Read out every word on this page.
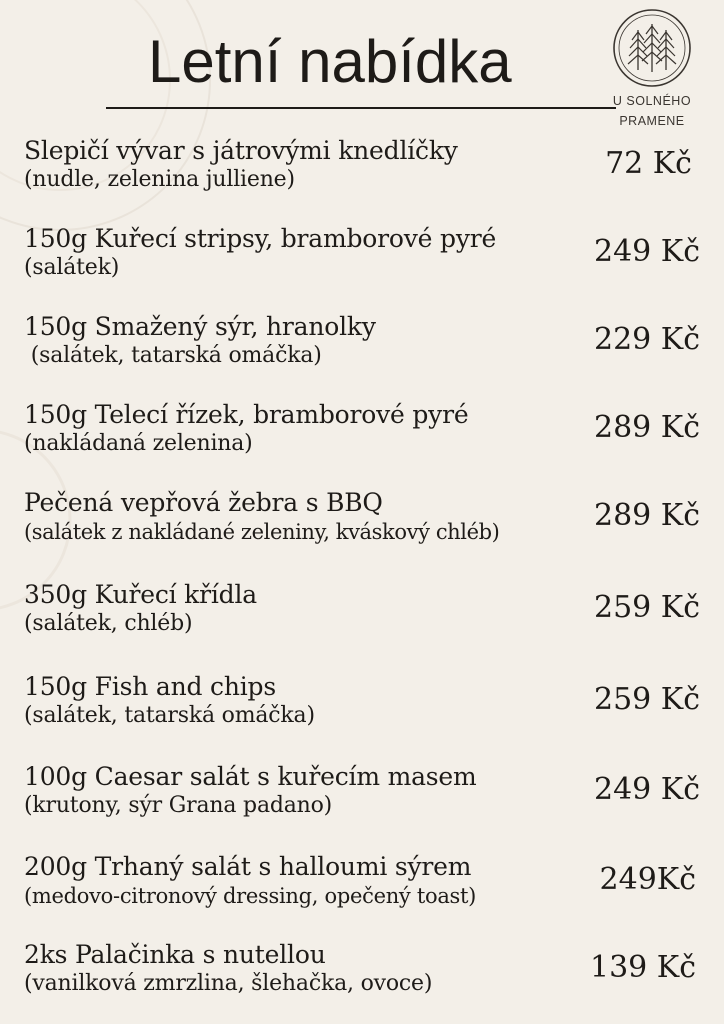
Letní nabídka
U SOLNÉHO
PRAMENE
Slepičí vývar s játrovými knedlíčky
(nudle, zelenina julliene)	72 Kč
150g Kuřecí stripsy, bramborové pyré
(salátek)	249 Kč
150g Smažený sýr, hranolky
(salátek, tatarská omáčka)	229 Kč
150g Telecí řízek, bramborové pyré
(nakládaná zelenina)	289 Kč
Pečená vepřová žebra s BBQ
(salátek z nakládané zeleniny, kváskový chléb)	289 Kč
350g Kuřecí křídla
(salátek, chléb)	259 Kč
150g Fish and chips
(salátek, tatarská omáčka)	259 Kč
100g Caesar salát s kuřecím masem
(krutony, sýr Grana padano)	249 Kč
200g Trhaný salát s halloumi sýrem
(medovo-citronový dressing, opečený toast)	249Kč
2ks Palačinka s nutellou
(vanilková zmrzlina, šlehačka, ovoce)	139 Kč
